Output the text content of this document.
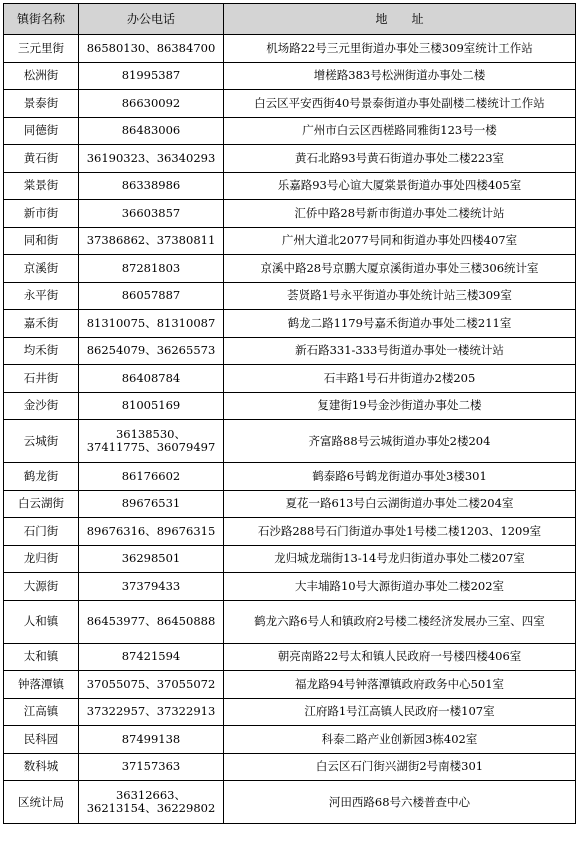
镇街名称	办公电话	地　　址
三元里街	86580130、86384700	机场路22号三元里街道办事处三楼309室统计工作站
松洲街	81995387	增槎路383号松洲街道办事处二楼
景泰街	86630092	白云区平安西街40号景泰街道办事处副楼二楼统计工作站
同德街	86483006	广州市白云区西槎路同雅街123号一楼
黄石街	36190323、36340293	黄石北路93号黄石街道办事处二楼223室
棠景街	86338986	乐嘉路93号心谊大厦棠景街道办事处四楼405室
新市街	36603857	汇侨中路28号新市街道办事处二楼统计站
同和街	37386862、37380811	广州大道北2077号同和街道办事处四楼407室
京溪街	87281803	京溪中路28号京鹏大厦京溪街道办事处三楼306统计室
永平街	86057887	荟贤路1号永平街道办事处统计站三楼309室
嘉禾街	81310075、81310087	鹤龙二路1179号嘉禾街道办事处二楼211室
均禾街	86254079、36265573	新石路331-333号街道办事处一楼统计站
石井街	86408784	石丰路1号石井街道办2楼205
金沙街	81005169	复建街19号金沙街道办事处二楼
云城街	36138530、37411775、36079497	齐富路88号云城街道办事处2楼204
鹤龙街	86176602	鹤泰路6号鹤龙街道办事处3楼301
白云湖街	89676531	夏花一路613号白云湖街道办事处二楼204室
石门街	89676316、89676315	石沙路288号石门街道办事处1号楼二楼1203、1209室
龙归街	36298501	龙归城龙瑞街13-14号龙归街道办事处二楼207室
大源街	37379433	大丰埔路10号大源街道办事处二楼202室
人和镇	86453977、86450888	鹤龙六路6号人和镇政府2号楼二楼经济发展办三室、四室
太和镇	87421594	朝亮南路22号太和镇人民政府一号楼四楼406室
钟落潭镇	37055075、37055072	福龙路94号钟落潭镇政府政务中心501室
江高镇	37322957、37322913	江府路1号江高镇人民政府一楼107室
民科园	87499138	科泰二路产业创新园3栋402室
数科城	37157363	白云区石门街兴湖街2号南楼301
区统计局	36312663、36213154、36229802	河田西路68号六楼普查中心
